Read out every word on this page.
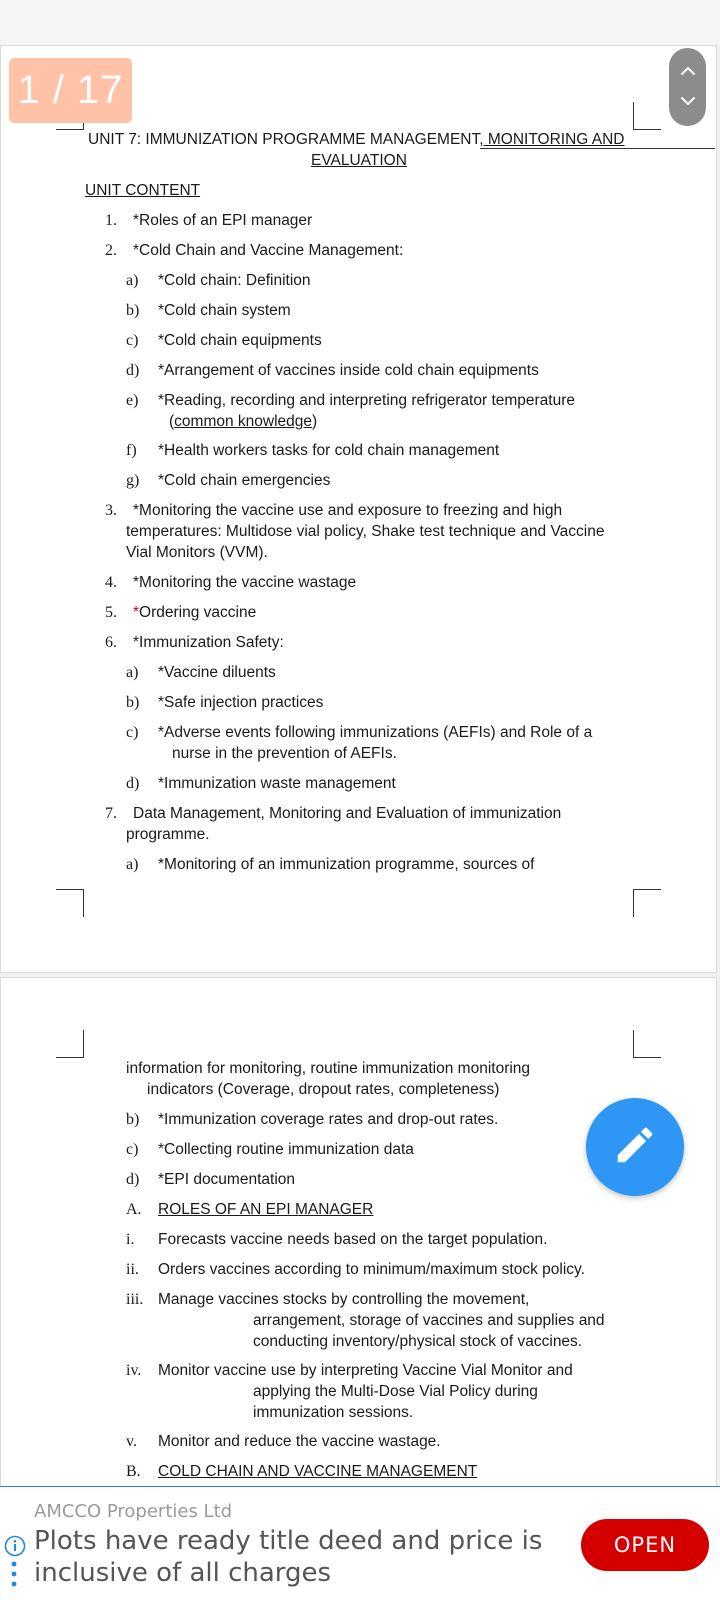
UNIT 7: IMMUNIZATION PROGRAMME MANAGEMENT, MONITORING AND
EVALUATION
UNIT CONTENT
1. *Roles of an EPI manager
2. *Cold Chain and Vaccine Management:
a) *Cold chain: Definition
b) *Cold chain system
c) *Cold chain equipments
d) *Arrangement of vaccines inside cold chain equipments
e) *Reading, recording and interpreting refrigerator temperature
(common knowledge)
f) *Health workers tasks for cold chain management
g) *Cold chain emergencies
3. *Monitoring the vaccine use and exposure to freezing and high
temperatures: Multidose vial policy, Shake test technique and Vaccine
Vial Monitors (VVM).
4. *Monitoring the vaccine wastage
5. *Ordering vaccine
6. *Immunization Safety:
a) *Vaccine diluents
b) *Safe injection practices
c) *Adverse events following immunizations (AEFIs) and Role of a
nurse in the prevention of AEFIs.
d) *Immunization waste management
7. Data Management, Monitoring and Evaluation of immunization
programme.
a) *Monitoring of an immunization programme, sources of
information for monitoring, routine immunization monitoring
indicators (Coverage, dropout rates, completeness)
b) *Immunization coverage rates and drop-out rates.
c) *Collecting routine immunization data
d) *EPI documentation
A. ROLES OF AN EPI MANAGER
i. Forecasts vaccine needs based on the target population.
ii. Orders vaccines according to minimum/maximum stock policy.
iii. Manage vaccines stocks by controlling the movement,
arrangement, storage of vaccines and supplies and
conducting inventory/physical stock of vaccines.
iv. Monitor vaccine use by interpreting Vaccine Vial Monitor and
applying the Multi-Dose Vial Policy during
immunization sessions.
v. Monitor and reduce the vaccine wastage.
B. COLD CHAIN AND VACCINE MANAGEMENT
1 / 17
AMCCO Properties Ltd
Plots have ready title deed and price is inclusive of all charges
OPEN
